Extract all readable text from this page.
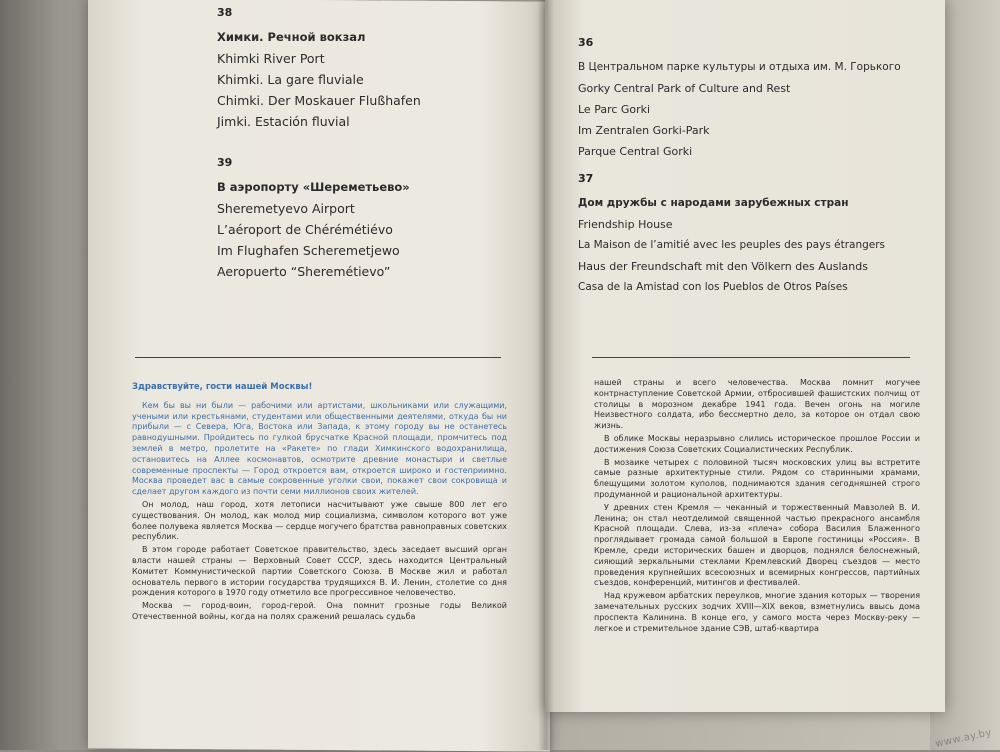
38
Химки. Речной вокзал
Khimki River Port
Khimki. La gare fluviale
Chimki. Der Moskauer Flußhafen
Jimki. Estación fluvial
39
В аэропорту «Шереметьево»
Sheremetyevo Airport
L’aéroport de Chérémétiévo
Im Flughafen Scheremetjewo
Aeropuerto “Sheremétievo”
36
В Центральном парке культуры и отдыха им. М. Горького
Gorky Central Park of Culture and Rest
Le Parc Gorki
Im Zentralen Gorki-Park
Parque Central Gorki
37
Дом дружбы с народами зарубежных стран
Friendship House
La Maison de l’amitié avec les peuples des pays étrangers
Haus der Freundschaft mit den Völkern des Auslands
Casa de la Amistad con los Pueblos de Otros Países
Здравствуйте, гости нашей Москвы!

Кем бы вы ни были — рабочими или артистами, школьниками или служащими, учеными или крестьянами, студентами или общественными деятелями, откуда бы ни прибыли — с Севера, Юга, Востока или Запада, к этому городу вы не останетесь равнодушными. Пройдитесь по гулкой брусчатке Красной площади, промчитесь под землей в метро, пролетите на «Ракете» по глади Химкинского водохранилища, остановитесь на Аллее космонавтов, осмотрите древние монастыри и светлые современные проспекты — Город откроется вам, откроется широко и гостеприимно. Москва проведет вас в самые сокровенные уголки свои, покажет свои сокровища и сделает другом каждого из почти семи миллионов своих жителей.

Он молод, наш город, хотя летописи насчитывают уже свыше 800 лет его существования. Он молод, как молод мир социализма, символом которого вот уже более полувека является Москва — сердце могучего братства равноправных советских республик.

В этом городе работает Советское правительство, здесь заседает высший орган власти нашей страны — Верховный Совет СССР, здесь находится Центральный Комитет Коммунистической партии Советского Союза. В Москве жил и работал основатель первого в истории государства трудящихся В. И. Ленин, столетие со дня рождения которого в 1970 году отметило все прогрессивное человечество.

Москва — город-воин, город-герой. Она помнит грозные годы Великой Отечественной войны, когда на полях сражений решалась судьба

нашей страны и всего человечества. Москва помнит могучее контрнаступление Советской Армии, отбросившей фашистских полчищ от столицы в морозном декабре 1941 года. Вечен огонь на могиле Неизвестного солдата, ибо бессмертно дело, за которое он отдал свою жизнь.

В облике Москвы неразрывно слились историческое прошлое России и достижения Союза Советских Социалистических Республик.

В мозаике четырех с половиной тысяч московских улиц вы встретите самые разные архитектурные стили. Рядом со старинными храмами, блещущими золотом куполов, поднимаются здания сегодняшней строго продуманной и рациональной архитектуры.

У древних стен Кремля — чеканный и торжественный Мавзолей В. И. Ленина; он стал неотделимой священной частью прекрасного ансамбля Красной площади. Слева, из-за «плеча» собора Василия Блаженного проглядывает громада самой большой в Европе гостиницы «Россия». В Кремле, среди исторических башен и дворцов, поднялся белоснежный, сияющий зеркальными стеклами Кремлевский Дворец съездов — место проведения крупнейших всесоюзных и всемирных конгрессов, партийных съездов, конференций, митингов и фестивалей.

Над кружевом арбатских переулков, многие здания которых — творения замечательных русских зодчих XVIII—XIX веков, взметнулись ввысь дома проспекта Калинина. В конце его, у самого моста через Москву-реку — легкое и стремительное здание СЭВ, штаб-квартира

www.ay.by
